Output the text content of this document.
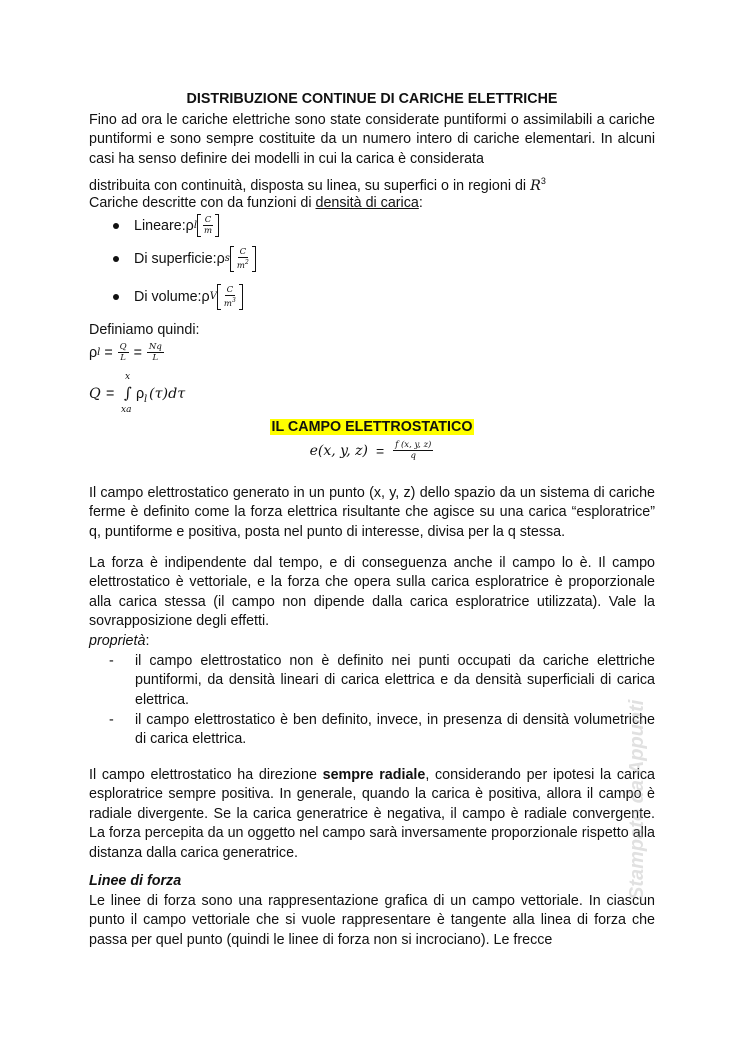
DISTRIBUZIONE CONTINUE DI CARICHE ELETTRICHE

Fino ad ora le cariche elettriche sono state considerate puntiformi o assimilabili a cariche puntiformi e sono sempre costituite da un numero intero di cariche elementari. In alcuni casi ha senso definire dei modelli in cui la carica è considerata

distribuita con continuità, disposta su linea, su superfici o in regioni di $R^3$

Cariche descritte con da funzioni di densità di carica:

Lineare: ρ l $\frac{C}{m}$
Di superficie: ρ s $\frac{C}{m^2}$
Di volume: ρ V $\frac{C}{m^3}$

Definiamo quindi:

ρ $l = \frac{Q}{L} = \frac{Nq}{L}$
Q =
x
∫
xa
ρ l (τ)dτ
IL CAMPO ELETTROSTATICO
e(x, y, $z) = \frac{f (x, y, z)}{q}$

Il campo elettrostatico generato in un punto (x, y, z) dello spazio da un sistema di cariche ferme è definito come la forza elettrica risultante che agisce su una carica “esploratrice” q, puntiforme e positiva, posta nel punto di interesse, divisa per la q stessa.

La forza è indipendente dal tempo, e di conseguenza anche il campo lo è. Il campo elettrostatico è vettoriale, e la forza che opera sulla carica esploratrice è proporzionale alla carica stessa (il campo non dipende dalla carica esploratrice utilizzata). Vale la sovrapposizione degli effetti.

proprietà:

- il campo elettrostatico non è definito nei punti occupati da cariche elettriche puntiformi, da densità lineari di carica elettrica e da densità superficiali di carica elettrica.
- il campo elettrostatico è ben definito, invece, in presenza di densità volumetriche di carica elettrica.

Il campo elettrostatico ha direzione sempre radiale, considerando per ipotesi la carica esploratrice sempre positiva. In generale, quando la carica è positiva, allora il campo è radiale divergente. Se la carica generatrice è negativa, il campo è radiale convergente. La forza percepita da un oggetto nel campo sarà inversamente proporzionale rispetto alla distanza dalla carica generatrice.

Linee di forza

Le linee di forza sono una rappresentazione grafica di un campo vettoriale. In ciascun punto il campo vettoriale che si vuole rappresentare è tangente alla linea di forza che passa per quel punto (quindi le linee di forza non si incrociano). Le frecce

Stampato da Appunti
